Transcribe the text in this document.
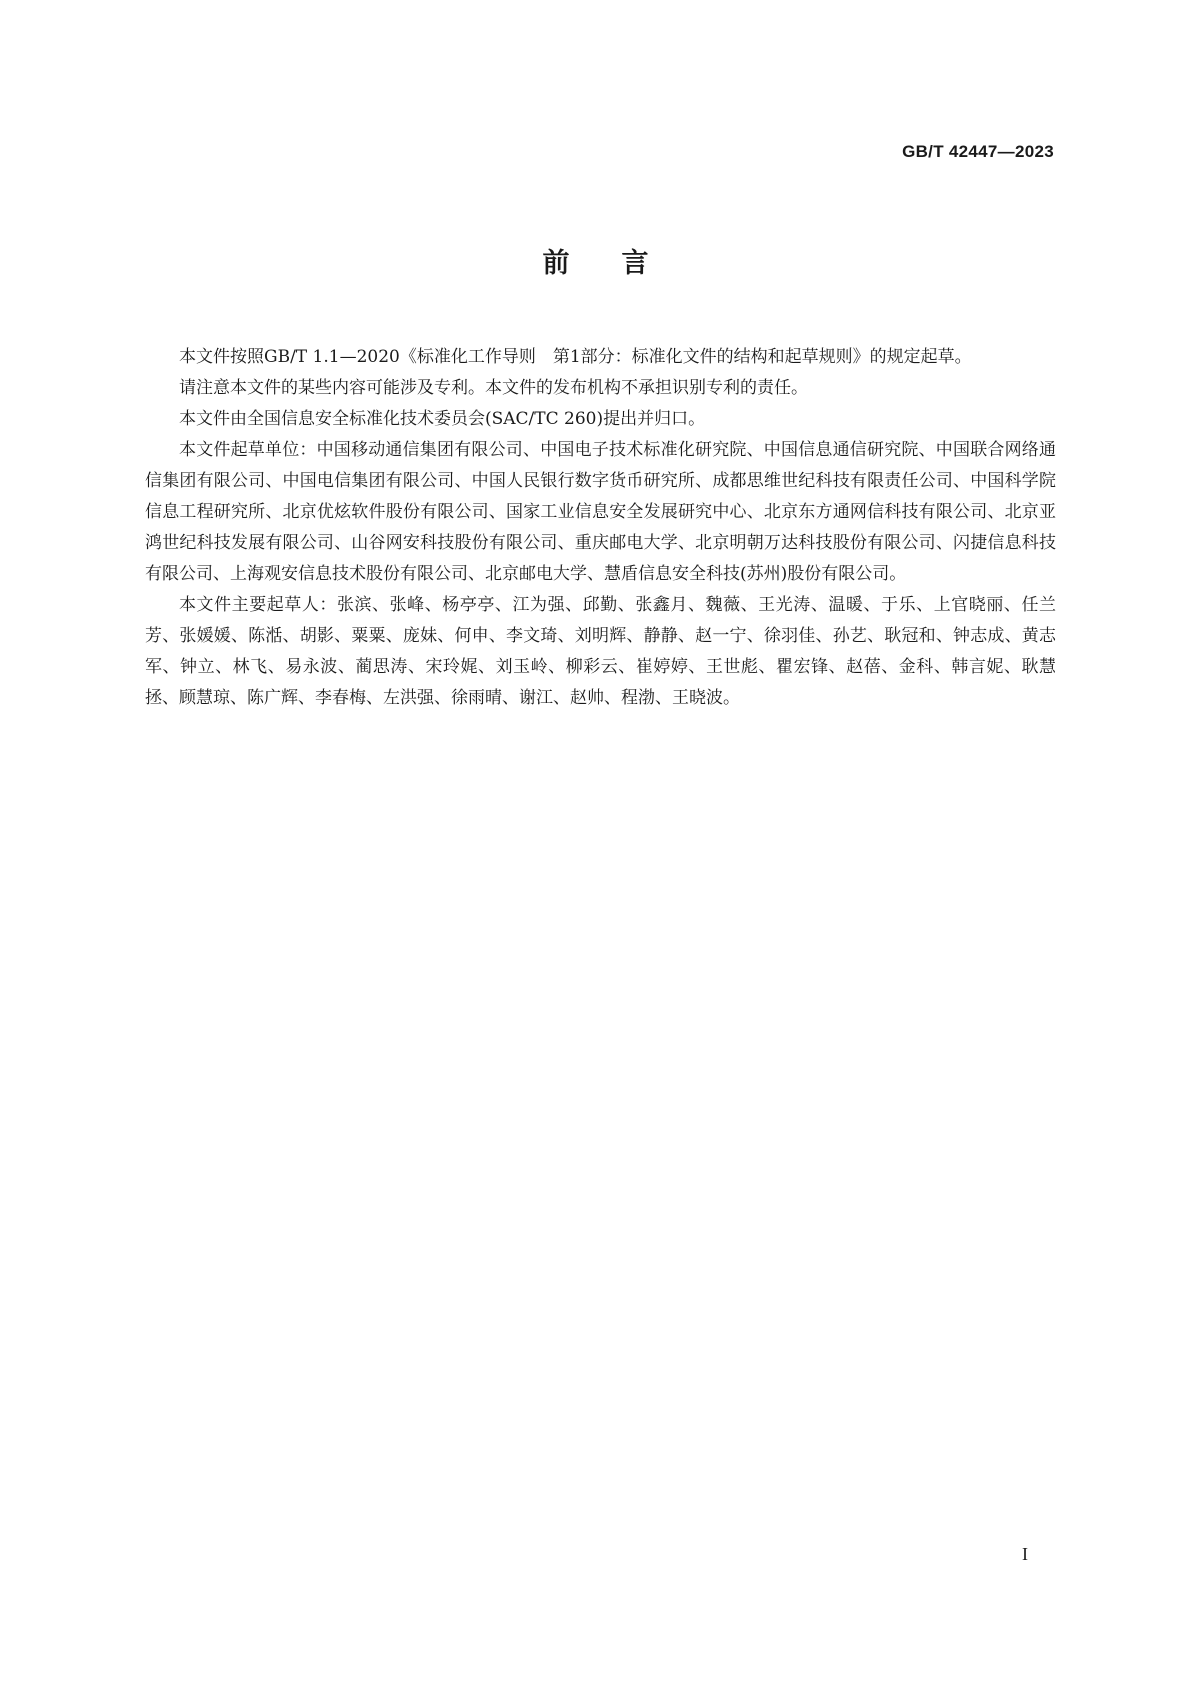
GB/T 42447—2023
前言

本文件按照GB/T 1.1—2020《标准化工作导则　第1部分：标准化文件的结构和起草规则》的规定起草。

请注意本文件的某些内容可能涉及专利。本文件的发布机构不承担识别专利的责任。

本文件由全国信息安全标准化技术委员会(SAC/TC 260)提出并归口。

本文件起草单位：中国移动通信集团有限公司、中国电子技术标准化研究院、中国信息通信研究院、中国联合网络通信集团有限公司、中国电信集团有限公司、中国人民银行数字货币研究所、成都思维世纪科技有限责任公司、中国科学院信息工程研究所、北京优炫软件股份有限公司、国家工业信息安全发展研究中心、北京东方通网信科技有限公司、北京亚鸿世纪科技发展有限公司、山谷网安科技股份有限公司、重庆邮电大学、北京明朝万达科技股份有限公司、闪捷信息科技有限公司、上海观安信息技术股份有限公司、北京邮电大学、慧盾信息安全科技(苏州)股份有限公司。

本文件主要起草人：张滨、张峰、杨亭亭、江为强、邱勤、张鑫月、魏薇、王光涛、温暖、于乐、上官晓丽、任兰芳、张媛媛、陈湉、胡影、粟粟、庞妹、何申、李文琦、刘明辉、静静、赵一宁、徐羽佳、孙艺、耿冠和、钟志成、黄志军、钟立、林飞、易永波、蔺思涛、宋玲娓、刘玉岭、柳彩云、崔婷婷、王世彪、瞿宏锋、赵蓓、金科、韩言妮、耿慧拯、顾慧琼、陈广辉、李春梅、左洪强、徐雨晴、谢江、赵帅、程渤、王晓波。

I
